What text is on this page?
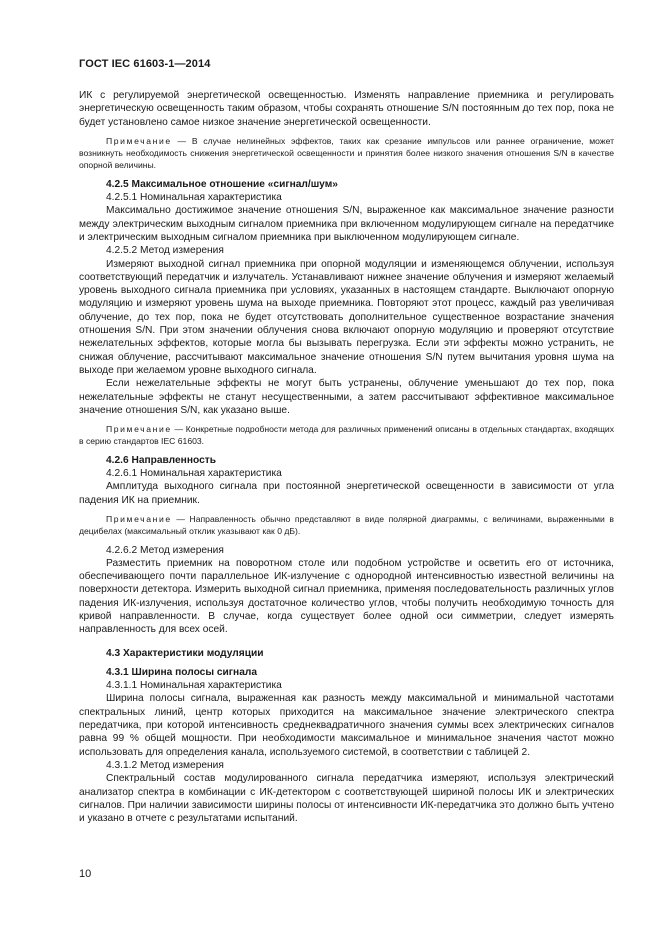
ГОСТ IEC 61603-1—2014

ИК с регулируемой энергетической освещенностью. Изменять направление приемника и регулировать энергетическую освещенность таким образом, чтобы сохранять отношение S/N постоянным до тех пор, пока не будет установлено самое низкое значение энергетической освещенности.

Примечание — В случае нелинейных эффектов, таких как срезание импульсов или раннее ограничение, может возникнуть необходимость снижения энергетической освещенности и принятия более низкого значения отношения S/N в качестве опорной величины.

4.2.5 Максимальное отношение «сигнал/шум»

4.2.5.1 Номинальная характеристика

Максимально достижимое значение отношения S/N, выраженное как максимальное значение разности между электрическим выходным сигналом приемника при включенном модулирующем сигнале на передатчике и электрическим выходным сигналом приемника при выключенном модулирующем сигнале.

4.2.5.2 Метод измерения

Измеряют выходной сигнал приемника при опорной модуляции и изменяющемся облучении, используя соответствующий передатчик и излучатель. Устанавливают нижнее значение облучения и измеряют желаемый уровень выходного сигнала приемника при условиях, указанных в настоящем стандарте. Выключают опорную модуляцию и измеряют уровень шума на выходе приемника. Повторяют этот процесс, каждый раз увеличивая облучение, до тех пор, пока не будет отсутствовать дополнительное существенное возрастание значения отношения S/N. При этом значении облучения снова включают опорную модуляцию и проверяют отсутствие нежелательных эффектов, которые могла бы вызывать перегрузка. Если эти эффекты можно устранить, не снижая облучение, рассчитывают максимальное значение отношения S/N путем вычитания уровня шума на выходе при желаемом уровне выходного сигнала.

Если нежелательные эффекты не могут быть устранены, облучение уменьшают до тех пор, пока нежелательные эффекты не станут несущественными, а затем рассчитывают эффективное максимальное значение отношения S/N, как указано выше.

Примечание — Конкретные подробности метода для различных применений описаны в отдельных стандартах, входящих в серию стандартов IEC 61603.

4.2.6 Направленность

4.2.6.1 Номинальная характеристика

Амплитуда выходного сигнала при постоянной энергетической освещенности в зависимости от угла падения ИК на приемник.

Примечание — Направленность обычно представляют в виде полярной диаграммы, с величинами, выраженными в децибелах (максимальный отклик указывают как 0 дБ).

4.2.6.2 Метод измерения

Разместить приемник на поворотном столе или подобном устройстве и осветить его от источника, обеспечивающего почти параллельное ИК-излучение с однородной интенсивностью известной величины на поверхности детектора. Измерить выходной сигнал приемника, применяя последовательность различных углов падения ИК-излучения, используя достаточное количество углов, чтобы получить необходимую точность для кривой направленности. В случае, когда существует более одной оси симметрии, следует измерять направленность для всех осей.

4.3 Характеристики модуляции

4.3.1 Ширина полосы сигнала

4.3.1.1 Номинальная характеристика

Ширина полосы сигнала, выраженная как разность между максимальной и минимальной частотами спектральных линий, центр которых приходится на максимальное значение электрического спектра передатчика, при которой интенсивность среднеквадратичного значения суммы всех электрических сигналов равна 99 % общей мощности. При необходимости максимальное и минимальное значения частот можно использовать для определения канала, используемого системой, в соответствии с таблицей 2.

4.3.1.2 Метод измерения

Спектральный состав модулированного сигнала передатчика измеряют, используя электрический анализатор спектра в комбинации с ИК-детектором с соответствующей шириной полосы ИК и электрических сигналов. При наличии зависимости ширины полосы от интенсивности ИК-передатчика это должно быть учтено и указано в отчете с результатами испытаний.

10
